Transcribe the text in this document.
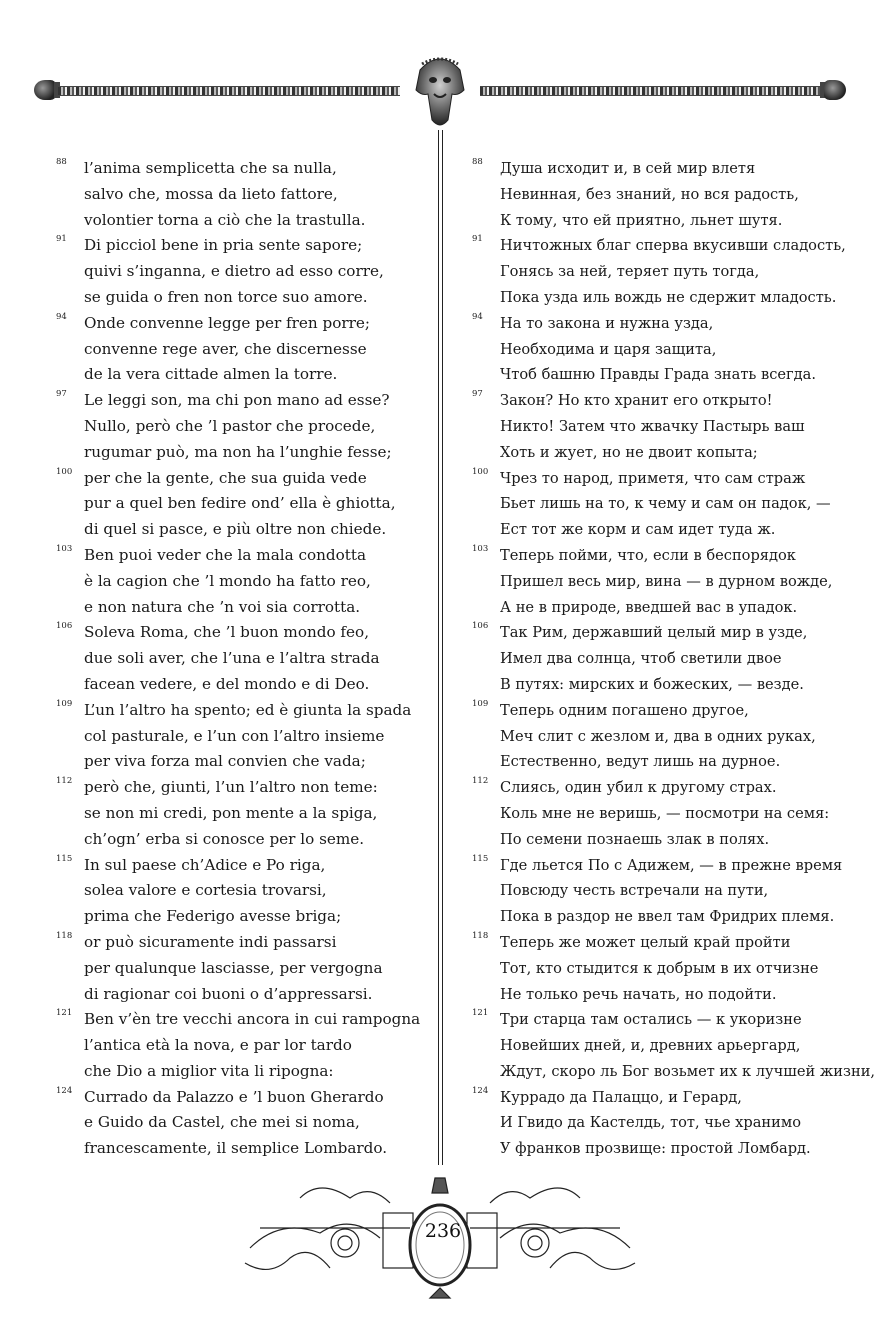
88 l’anima semplicetta che sa nulla,
salvo che, mossa da lieto fattore,
volontier torna a ciò che la trastulla.
91 Di picciol bene in pria sente sapore;
quivi s’inganna, e dietro ad esso corre,
se guida o fren non torce suo amore.
94 Onde convenne legge per fren porre;
convenne rege aver, che discernesse
de la vera cittade almen la torre.
97 Le leggi son, ma chi pon mano ad esse?
Nullo, però che ’l pastor che procede,
rugumar può, ma non ha l’unghie fesse;
100 per che la gente, che sua guida vede
pur a quel ben fedire ond’ ella è ghiotta,
di quel si pasce, e più oltre non chiede.
103 Ben puoi veder che la mala condotta
è la cagion che ’l mondo ha fatto reo,
e non natura che ’n voi sia corrotta.
106 Soleva Roma, che ’l buon mondo feo,
due soli aver, che l’una e l’altra strada
facean vedere, e del mondo e di Deo.
109 L’un l’altro ha spento; ed è giunta la spada
col pasturale, e l’un con l’altro insieme
per viva forza mal convien che vada;
112 però che, giunti, l’un l’altro non teme:
se non mi credi, pon mente a la spiga,
ch’ogn’ erba si conosce per lo seme.
115 In sul paese ch’Adice e Po riga,
solea valore e cortesia trovarsi,
prima che Federigo avesse briga;
118 or può sicuramente indi passarsi
per qualunque lasciasse, per vergogna
di ragionar coi buoni o d’appressarsi.
121 Ben v’èn tre vecchi ancora in cui rampogna
l’antica età la nova, e par lor tardo
che Dio a miglior vita li ripogna:
124 Currado da Palazzo e ’l buon Gherardo
e Guido da Castel, che mei si noma,
francescamente, il semplice Lombardo.
88 Душа исходит и, в сей мир влетя
Невинная, без знаний, но вся радость,
К тому, что ей приятно, льнет шутя.
91 Ничтожных благ сперва вкусивши сладость,
Гонясь за ней, теряет путь тогда,
Пока узда иль вождь не сдержит младость.
94 На то закона и нужна узда,
Необходима и царя защита,
Чтоб башню Правды Града знать всегда.
97 Закон? Но кто хранит его открыто!
Никто! Затем что жвачку Пастырь ваш
Хоть и жует, но не двоит копыта;
100 Чрез то народ, приметя, что сам страж
Бьет лишь на то, к чему и сам он падок, —
Ест тот же корм и сам идет туда ж.
103 Теперь пойми, что, если в беспорядок
Пришел весь мир, вина — в дурном вожде,
А не в природе, введшей вас в упадок.
106 Так Рим, державший целый мир в узде,
Имел два солнца, чтоб светили двое
В путях: мирских и божеских, — везде.
109 Теперь одним погашено другое,
Меч слит с жезлом и, два в одних руках,
Естественно, ведут лишь на дурное.
112 Слиясь, один убил к другому страх.
Коль мне не веришь, — посмотри на семя:
По семени познаешь злак в полях.
115 Где льется По с Адижем, — в прежне время
Повсюду честь встречали на пути,
Пока в раздор не ввел там Фридрих племя.
118 Теперь же может целый край пройти
Тот, кто стыдится к добрым в их отчизне
Не только речь начать, но подойти.
121 Три старца там остались — к укоризне
Новейших дней, и, древних арьергард,
Ждут, скоро ль Бог возьмет их к лучшей жизни,
124 Куррадо да Палаццо, и Герард,
И Гвидо да Кастелдь, тот, чье хранимо
У франков прозвище: простой Ломбард.
236
